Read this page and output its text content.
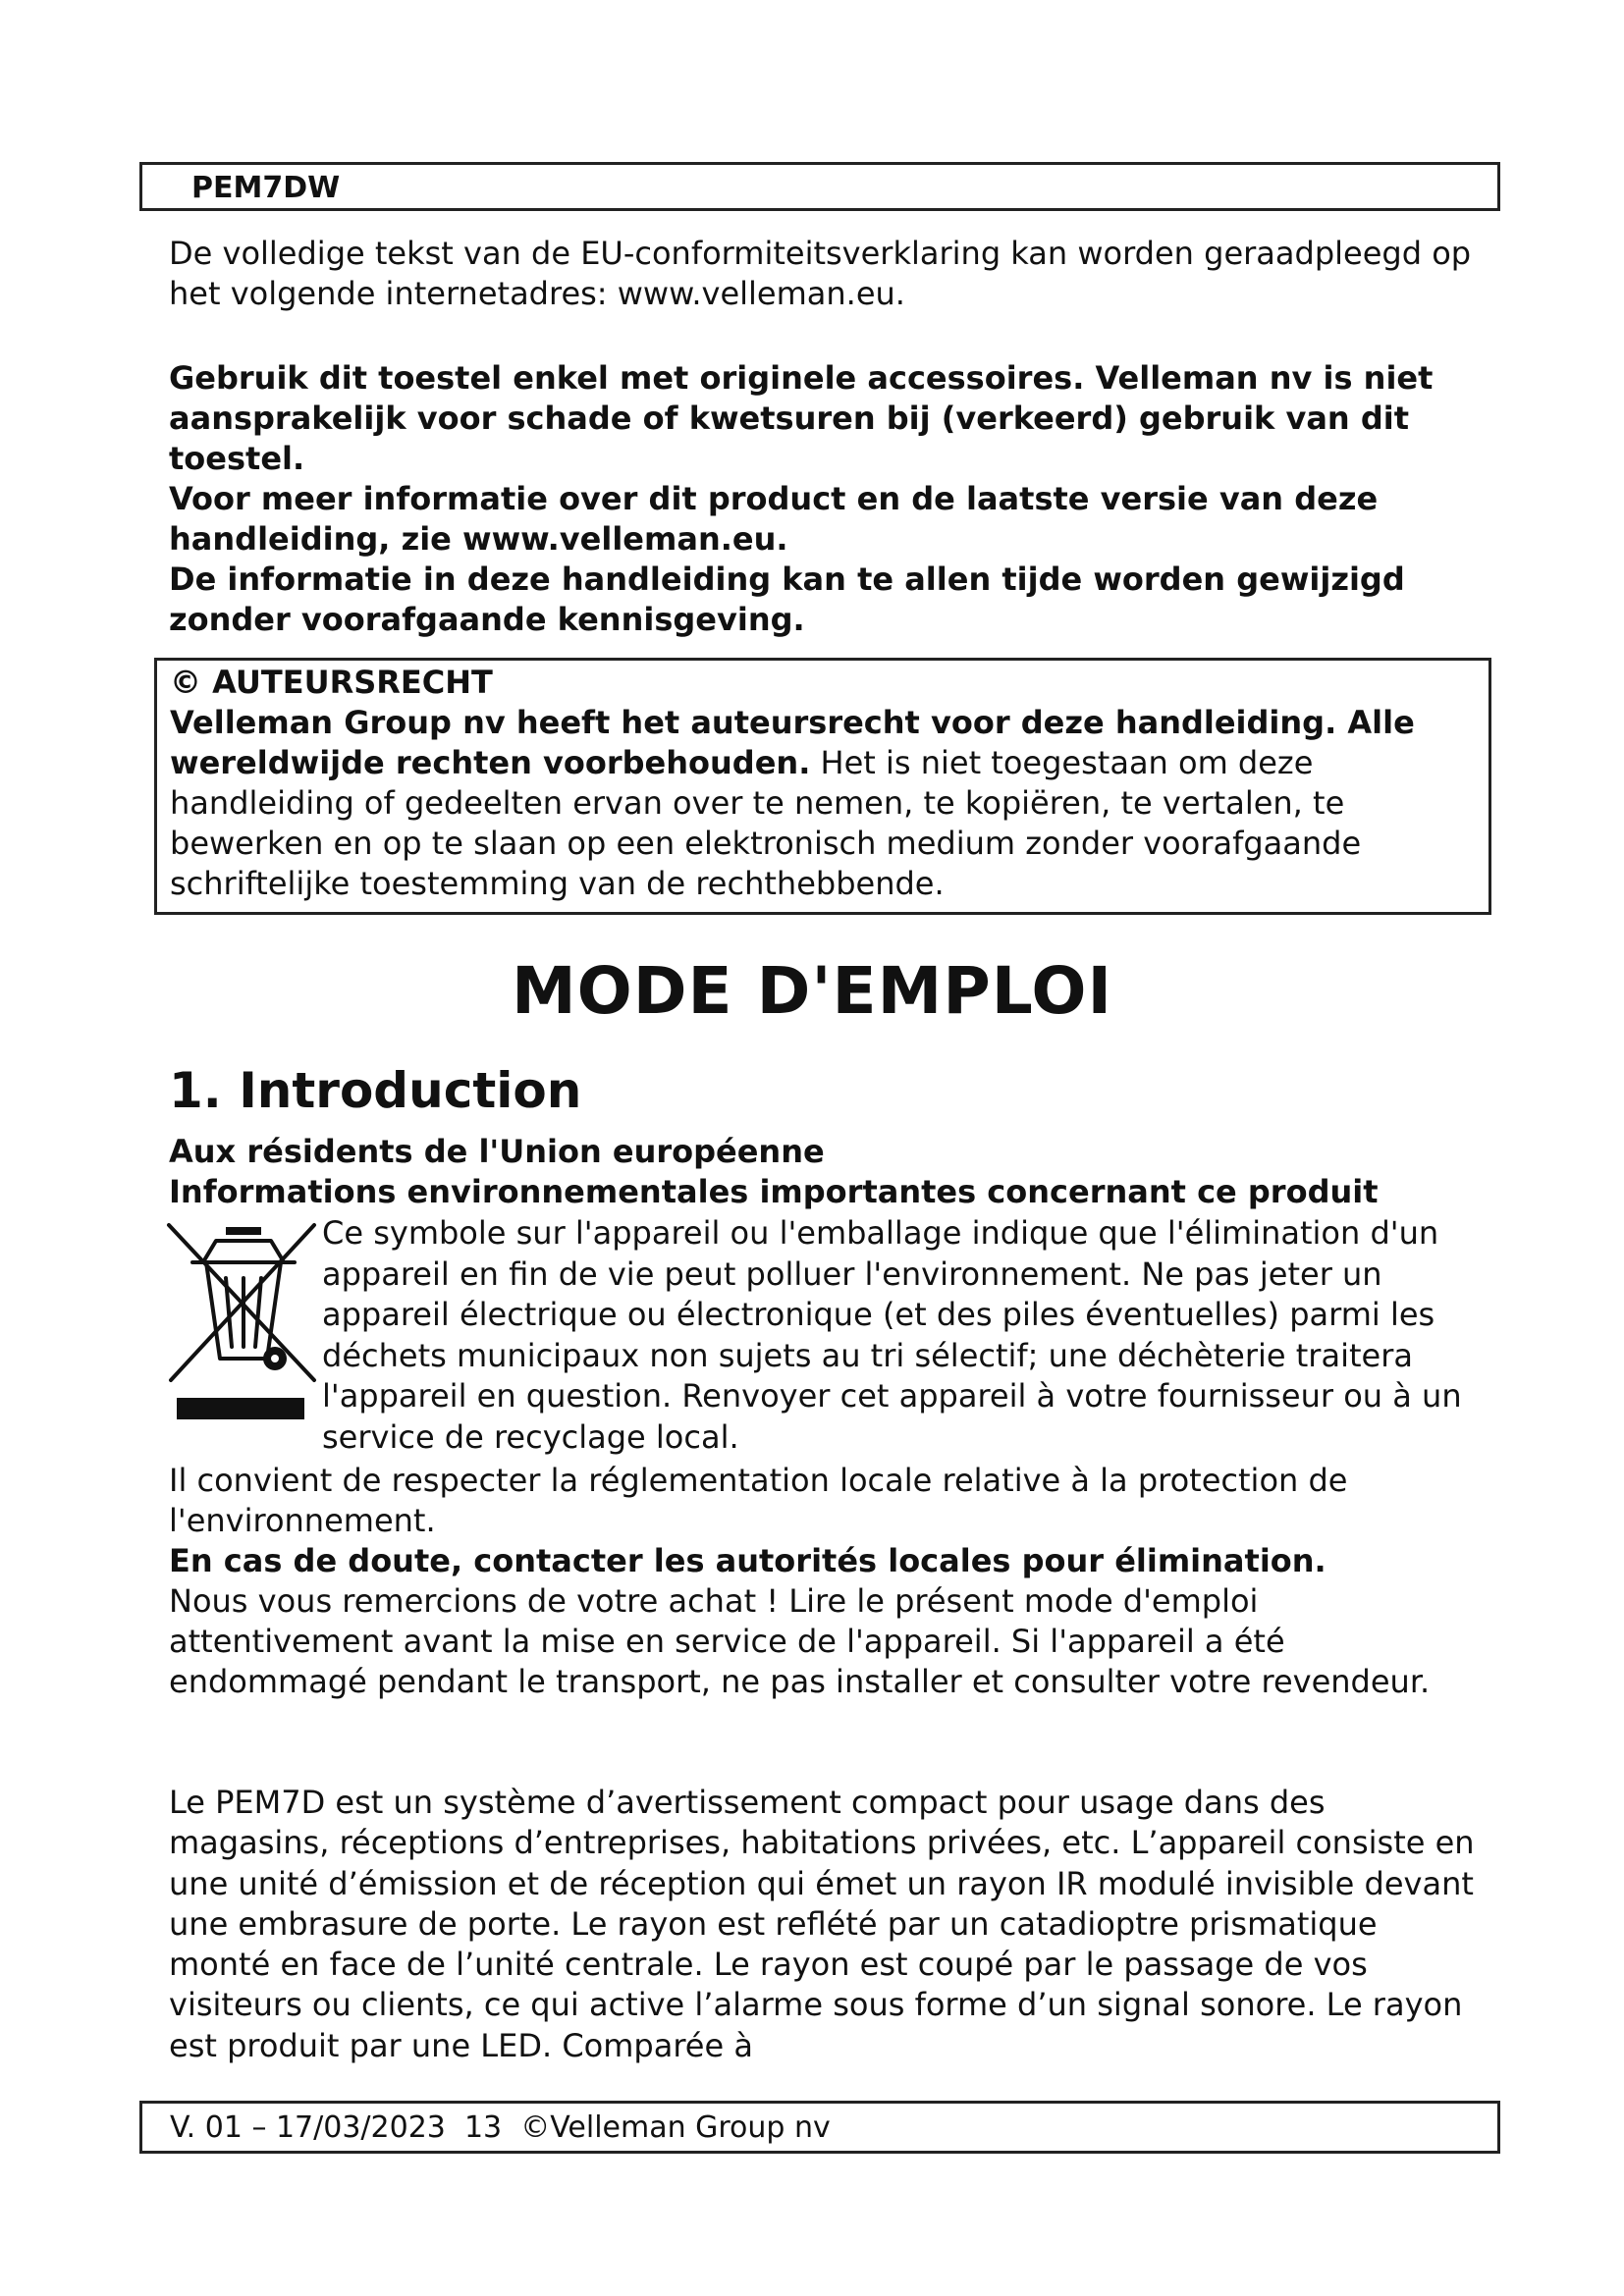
PEM7DW

De volledige tekst van de EU-conformiteitsverklaring kan worden geraadpleegd op het volgende internetadres: www.velleman.eu.

Gebruik dit toestel enkel met originele accessoires. Velleman nv is niet aansprakelijk voor schade of kwetsuren bij (verkeerd) gebruik van dit toestel.

Voor meer informatie over dit product en de laatste versie van deze handleiding, zie www.velleman.eu.

De informatie in deze handleiding kan te allen tijde worden gewijzigd zonder voorafgaande kennisgeving.

© AUTEURSRECHT
Velleman Group nv heeft het auteursrecht voor deze handleiding. Alle wereldwijde rechten voorbehouden. Het is niet toegestaan om deze handleiding of gedeelten ervan over te nemen, te kopiëren, te vertalen, te bewerken en op te slaan op een elektronisch medium zonder voorafgaande schriftelijke toestemming van de rechthebbende.
MODE D'EMPLOI
1. Introduction

Aux résidents de l'Union européenne

Informations environnementales importantes concernant ce produit

Ce symbole sur l'appareil ou l'emballage indique que l'élimination d'un appareil en fin de vie peut polluer l'environnement. Ne pas jeter un appareil électrique ou électronique (et des piles éventuelles) parmi les déchets municipaux non sujets au tri sélectif; une déchèterie traitera l'appareil en question. Renvoyer cet appareil à votre fournisseur ou à un service de recyclage local.

Il convient de respecter la réglementation locale relative à la protection de l'environnement.

En cas de doute, contacter les autorités locales pour élimination.

Nous vous remercions de votre achat ! Lire le présent mode d'emploi attentivement avant la mise en service de l'appareil. Si l'appareil a été endommagé pendant le transport, ne pas installer et consulter votre revendeur.

Le PEM7D est un système d’avertissement compact pour usage dans des magasins, réceptions d’entreprises, habitations privées, etc. L’appareil consiste en une unité d’émission et de réception qui émet un rayon IR modulé invisible devant une embrasure de porte. Le rayon est reflété par un catadioptre prismatique monté en face de l’unité centrale. Le rayon est coupé par le passage de vos visiteurs ou clients, ce qui active l’alarme sous forme d’un signal sonore. Le rayon est produit par une LED. Comparée à

V. 01 – 17/03/2023  13  ©Velleman Group nv
